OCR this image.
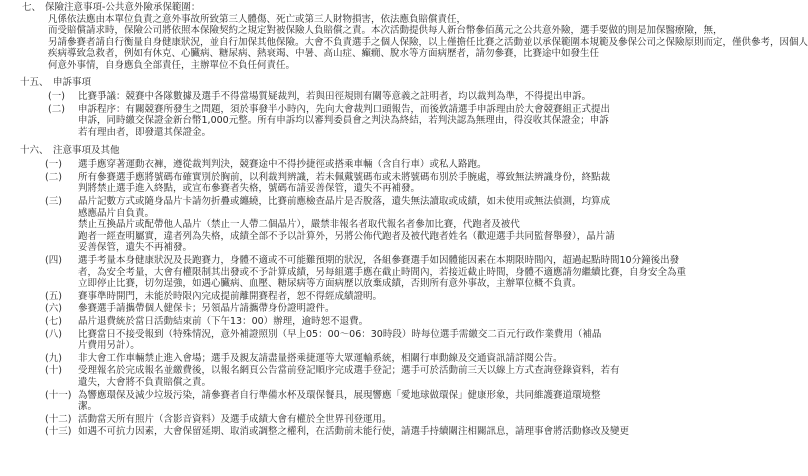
七、 保險注意事項-公共意外險承保範圍：
凡係依法應由本單位負責之意外事故所致第三人體傷、死亡或第三人財物損害，依法應負賠償責任，
而受賠償請求時，保險公司將依照本保險契約之規定對被保險人負賠償之責。本次活動提供每人新台幣參佰萬元之公共意外險，選手要做的則是加保醫療險，無，
另請參賽者請自行衡量自身健康狀況，並自行加保其他保險。大會不負責選手之個人保險，以上僅擔任比賽之活動並以承保範圍本規範及參保公司之保險原則而定，僅供參考，因個人
疾病導致急救者，例如有休克、心臟病、糖尿病、熱衰竭、中暑、高山症、癲癇、脫水等方面病歷者，請勿參賽，比賽途中如發生任
何意外事情，自身應負全部責任，主辦單位不負任何責任。
十五、 申訴事項
(一)	比賽爭議：競賽中各隊數據及選手不得當場質疑裁判，若與田徑規則有關等意義之註明者，均以裁判為準，不得提出申訴。
(二)	申訴程序：有關競賽所發生之問題，須於事發半小時內，先向大會裁判口頭報告，而後敦請選手申訴理由於大會競賽組正式提出
申訴，同時繳交保證金新台幣1,000元整。所有申訴均以審判委員會之判決為終結，若判決認為無理由，得沒收其保證金；申訴
若有理由者，即發還其保證金。
十六、 注意事項及其他
(一)	選手應穿著運動衣褲，遵從裁判判決，競賽途中不得抄捷徑或搭乘車輛（含自行車）或私人路跑。
(二)	所有參賽選手應將號碼布確實別於胸前，以利裁判辨識，若未佩戴號碼布或未將號碼布別於手腕處，導致無法辨識身份，終點裁
判將禁止選手進入終點，或宣布參賽者失格，號碼布請妥善保管，遺失不再補發。
(三)	晶片記數方式或隨身晶片卡請勿折疊或纏繞，比賽前應檢查晶片是否脫落，遺失無法讀取或成績，如未使用或無法偵測，均算成
感應晶片自負責。
禁止互換晶片或配帶他人晶片（禁止一人帶二個晶片），嚴禁非報名者取代報名者參加比賽，代跑者及被代
跑者一經查明屬實，違者列為失格，成績全部不予以計算外，另將公佈代跑者及被代跑者姓名（歡迎選手共同監督舉發），晶片請
妥善保管，遺失不再補發。
(四)	選手考量本身健康狀況及長跑賽力，身體不適或不可能難預期的狀況，各組參賽選手如因體能因素在本期限時間內，超過起點時間10分鐘後出發
者，為安全考量，大會有權限制其出發或不予計算成績，另每組選手應在截止時間內，若接近截止時間，身體不適應請勿繼續比賽，自身安全為重
立即停止比賽，切勿逞強，如遇心臟病、血壓、糖尿病等方面病歷以放棄成績，否則所有意外事故，主辦單位概不負責。
(五)	賽事準時開門，未能於時限內完成提前離開賽程者，恕不得經成績證明。
(六)	參賽選手請攜帶個人健保卡；另領晶片請攜帶身份證明證件。
(七)	晶片退費統於當日活動結束前（下午13：00）辦理，逾時恕不退費。
(八)	比賽當日不接受報到（特殊情況，意外補證照別（早上05：00～06：30時段）時每位選手需繳交二百元行政作業費用（補晶
片費用另計）。
(九)	非大會工作車輛禁止進入會場；選手及親友請盡量搭乘捷運等大眾運輸系統，相關行車動線及交通資訊請詳閱公告。
(十)	受理報名於完成報名並繳費後，以報名網頁公告當前登記順序完成選手登記；選手可於活動前三天以線上方式查詢登錄資料，若有
遺失，大會將不負責賠償之責。
(十一) 為響應環保及減少垃圾污染，請參賽者自行準備水杯及環保餐具，展現響應「愛地球做環保」健康形象，共同維護賽道環境整
潔。
(十二) 活動當天所有照片（含影音資料）及選手成績大會有權於全世界刊登運用。
(十三) 如遇不可抗力因素，大會保留延期、取消或調整之權利，在活動前未能行使，請選手持續關注相關訊息，請理事會將活動修改及變更
